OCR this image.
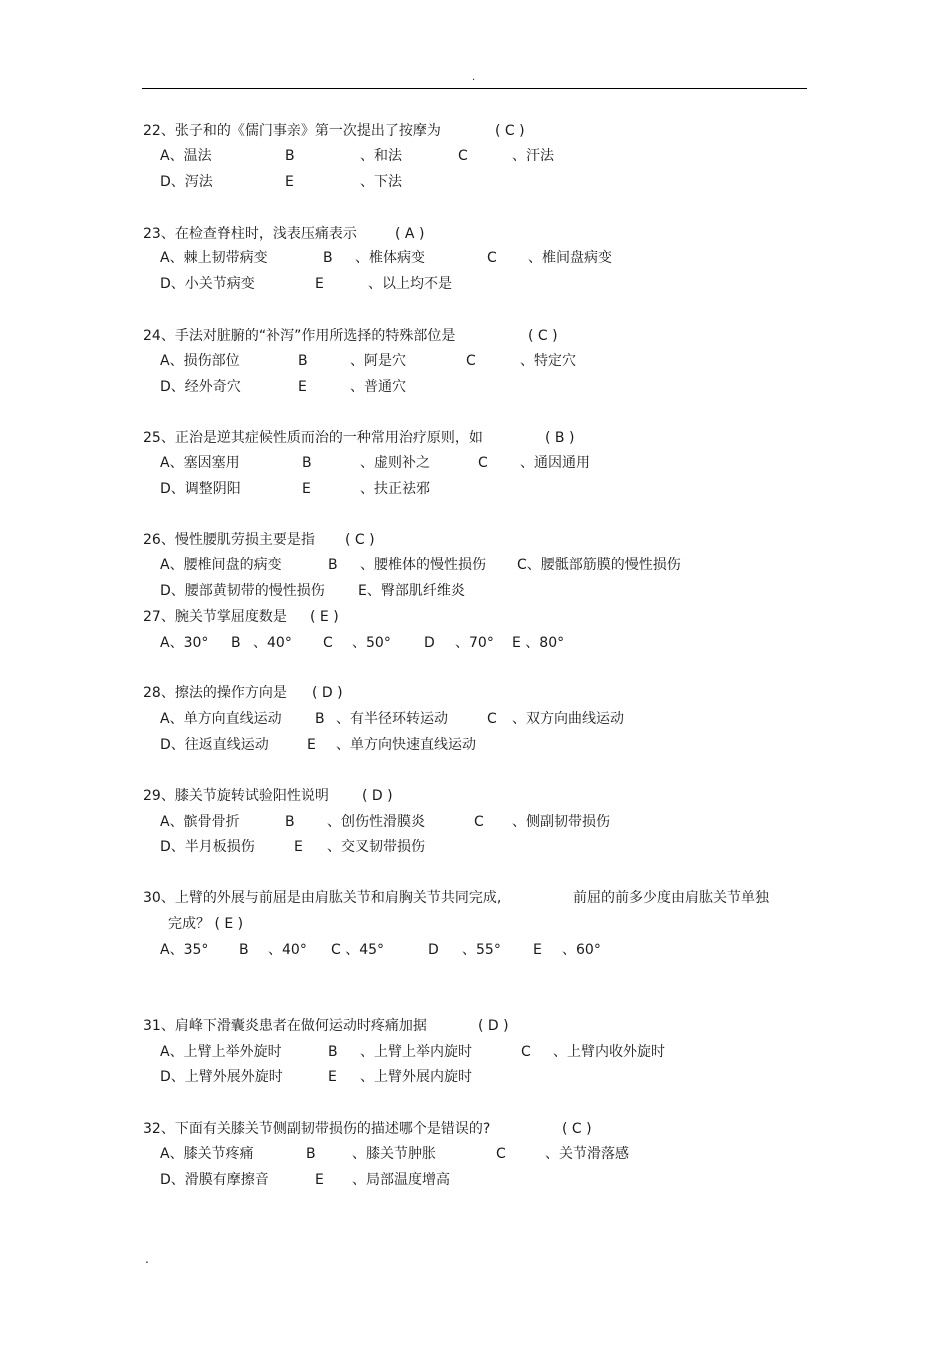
.
22、张子和的《儒门事亲》第一次提出了按摩为	( C )
A、温法	B	、和法	C	、汗法
D、泻法	E	、下法
23、在检查脊柱时，浅表压痛表示	( A )
A、棘上韧带病变	B 、椎体病变	C 、椎间盘病变
D、小关节病变	E	、以上均不是
24、手法对脏腑的“补泻”作用所选择的特殊部位是	( C )
A、损伤部位	B	、阿是穴	C	、特定穴
D、经外奇穴	E	、普通穴
25、正治是逆其症候性质而治的一种常用治疗原则，如	( B )
A、塞因塞用	B	、虚则补之	C 、通因通用
D、调整阴阳	E	、扶正祛邪
26、慢性腰肌劳损主要是指 ( C )
A、腰椎间盘的病变	B 、腰椎体的慢性损伤 C、腰骶部筋膜的慢性损伤
D、腰部黄韧带的慢性损伤 E、臀部肌纤维炎
27、腕关节掌屈度数是 ( E )
A、30° B 、40° C 、50° D 、70° E 、80°
28、擦法的操作方向是 ( D )
A、单方向直线运动 B 、有半径环转运动	C 、双方向曲线运动
D、往返直线运动	E 、单方向快速直线运动
29、膝关节旋转试验阳性说明 ( D )
A、髌骨骨折	B 、创伤性滑膜炎	C 、侧副韧带损伤
D、半月板损伤	E 、交叉韧带损伤
30、上臂的外展与前屈是由肩肱关节和肩胸关节共同完成,	前屈的前多少度由肩肱关节单独
完成？ ( E )
A、35° B 、40° C 、45°	D 、55° E 、60°
31、肩峰下滑囊炎患者在做何运动时疼痛加据	( D )
A、上臂上举外旋时	B 、上臂上举内旋时	C 、上臂内收外旋时
D、上臂外展外旋时	E 、上臂外展内旋时
32、下面有关膝关节侧副韧带损伤的描述哪个是错误的?	( C )
A、膝关节疼痛	B	、膝关节肿胀	C	、关节滑落感
D、滑膜有摩擦音	E 、局部温度增高
.
